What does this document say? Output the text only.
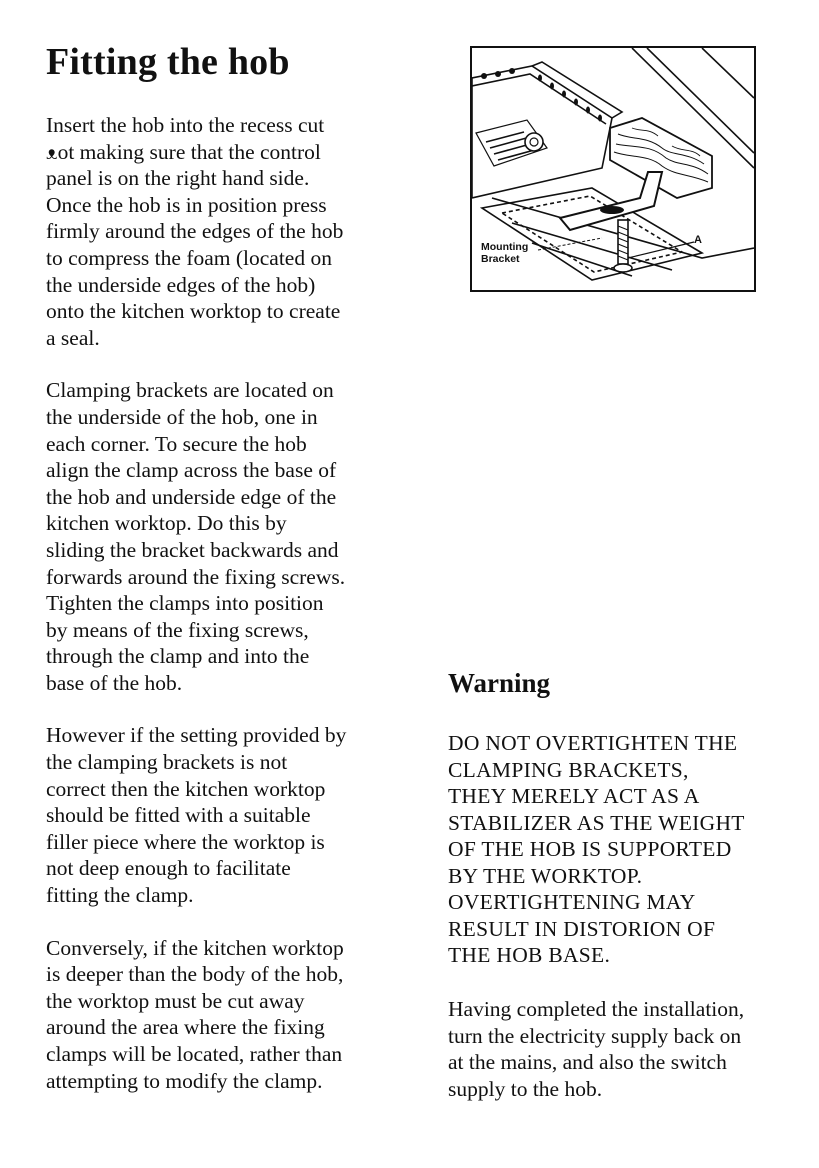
Fitting the hob

Insert the hob into the recess cut
ᴥot making sure that the control
panel is on the right hand side.
Once the hob is in position press
firmly around the edges of the hob
to compress the foam (located on
the underside edges of the hob)
onto the kitchen worktop to create
a seal.

Clamping brackets are located on
the underside of the hob, one in
each corner. To secure the hob
align the clamp across the base of
the hob and underside edge of the
kitchen worktop. Do this by
sliding the bracket backwards and
forwards around the fixing screws.
Tighten the clamps into position
by means of the fixing screws,
through the clamp and into the
base of the hob.

However if the setting provided by
the clamping brackets is not
correct then the kitchen worktop
should be fitted with a suitable
filler piece where the worktop is
not deep enough to facilitate
fitting the clamp.

Conversely, if the kitchen worktop
is deeper than the body of the hob,
the worktop must be cut away
around the area where the fixing
clamps will be located, rather than
attempting to modify the clamp.

Mounting
Bracket
A
Warning

DO NOT OVERTIGHTEN THE
CLAMPING BRACKETS,
THEY MERELY ACT AS A
STABILIZER AS THE WEIGHT
OF THE HOB IS SUPPORTED
BY THE WORKTOP.
OVERTIGHTENING MAY
RESULT IN DISTORION OF
THE HOB BASE.

Having completed the installation,
turn the electricity supply back on
at the mains, and also the switch
supply to the hob.
